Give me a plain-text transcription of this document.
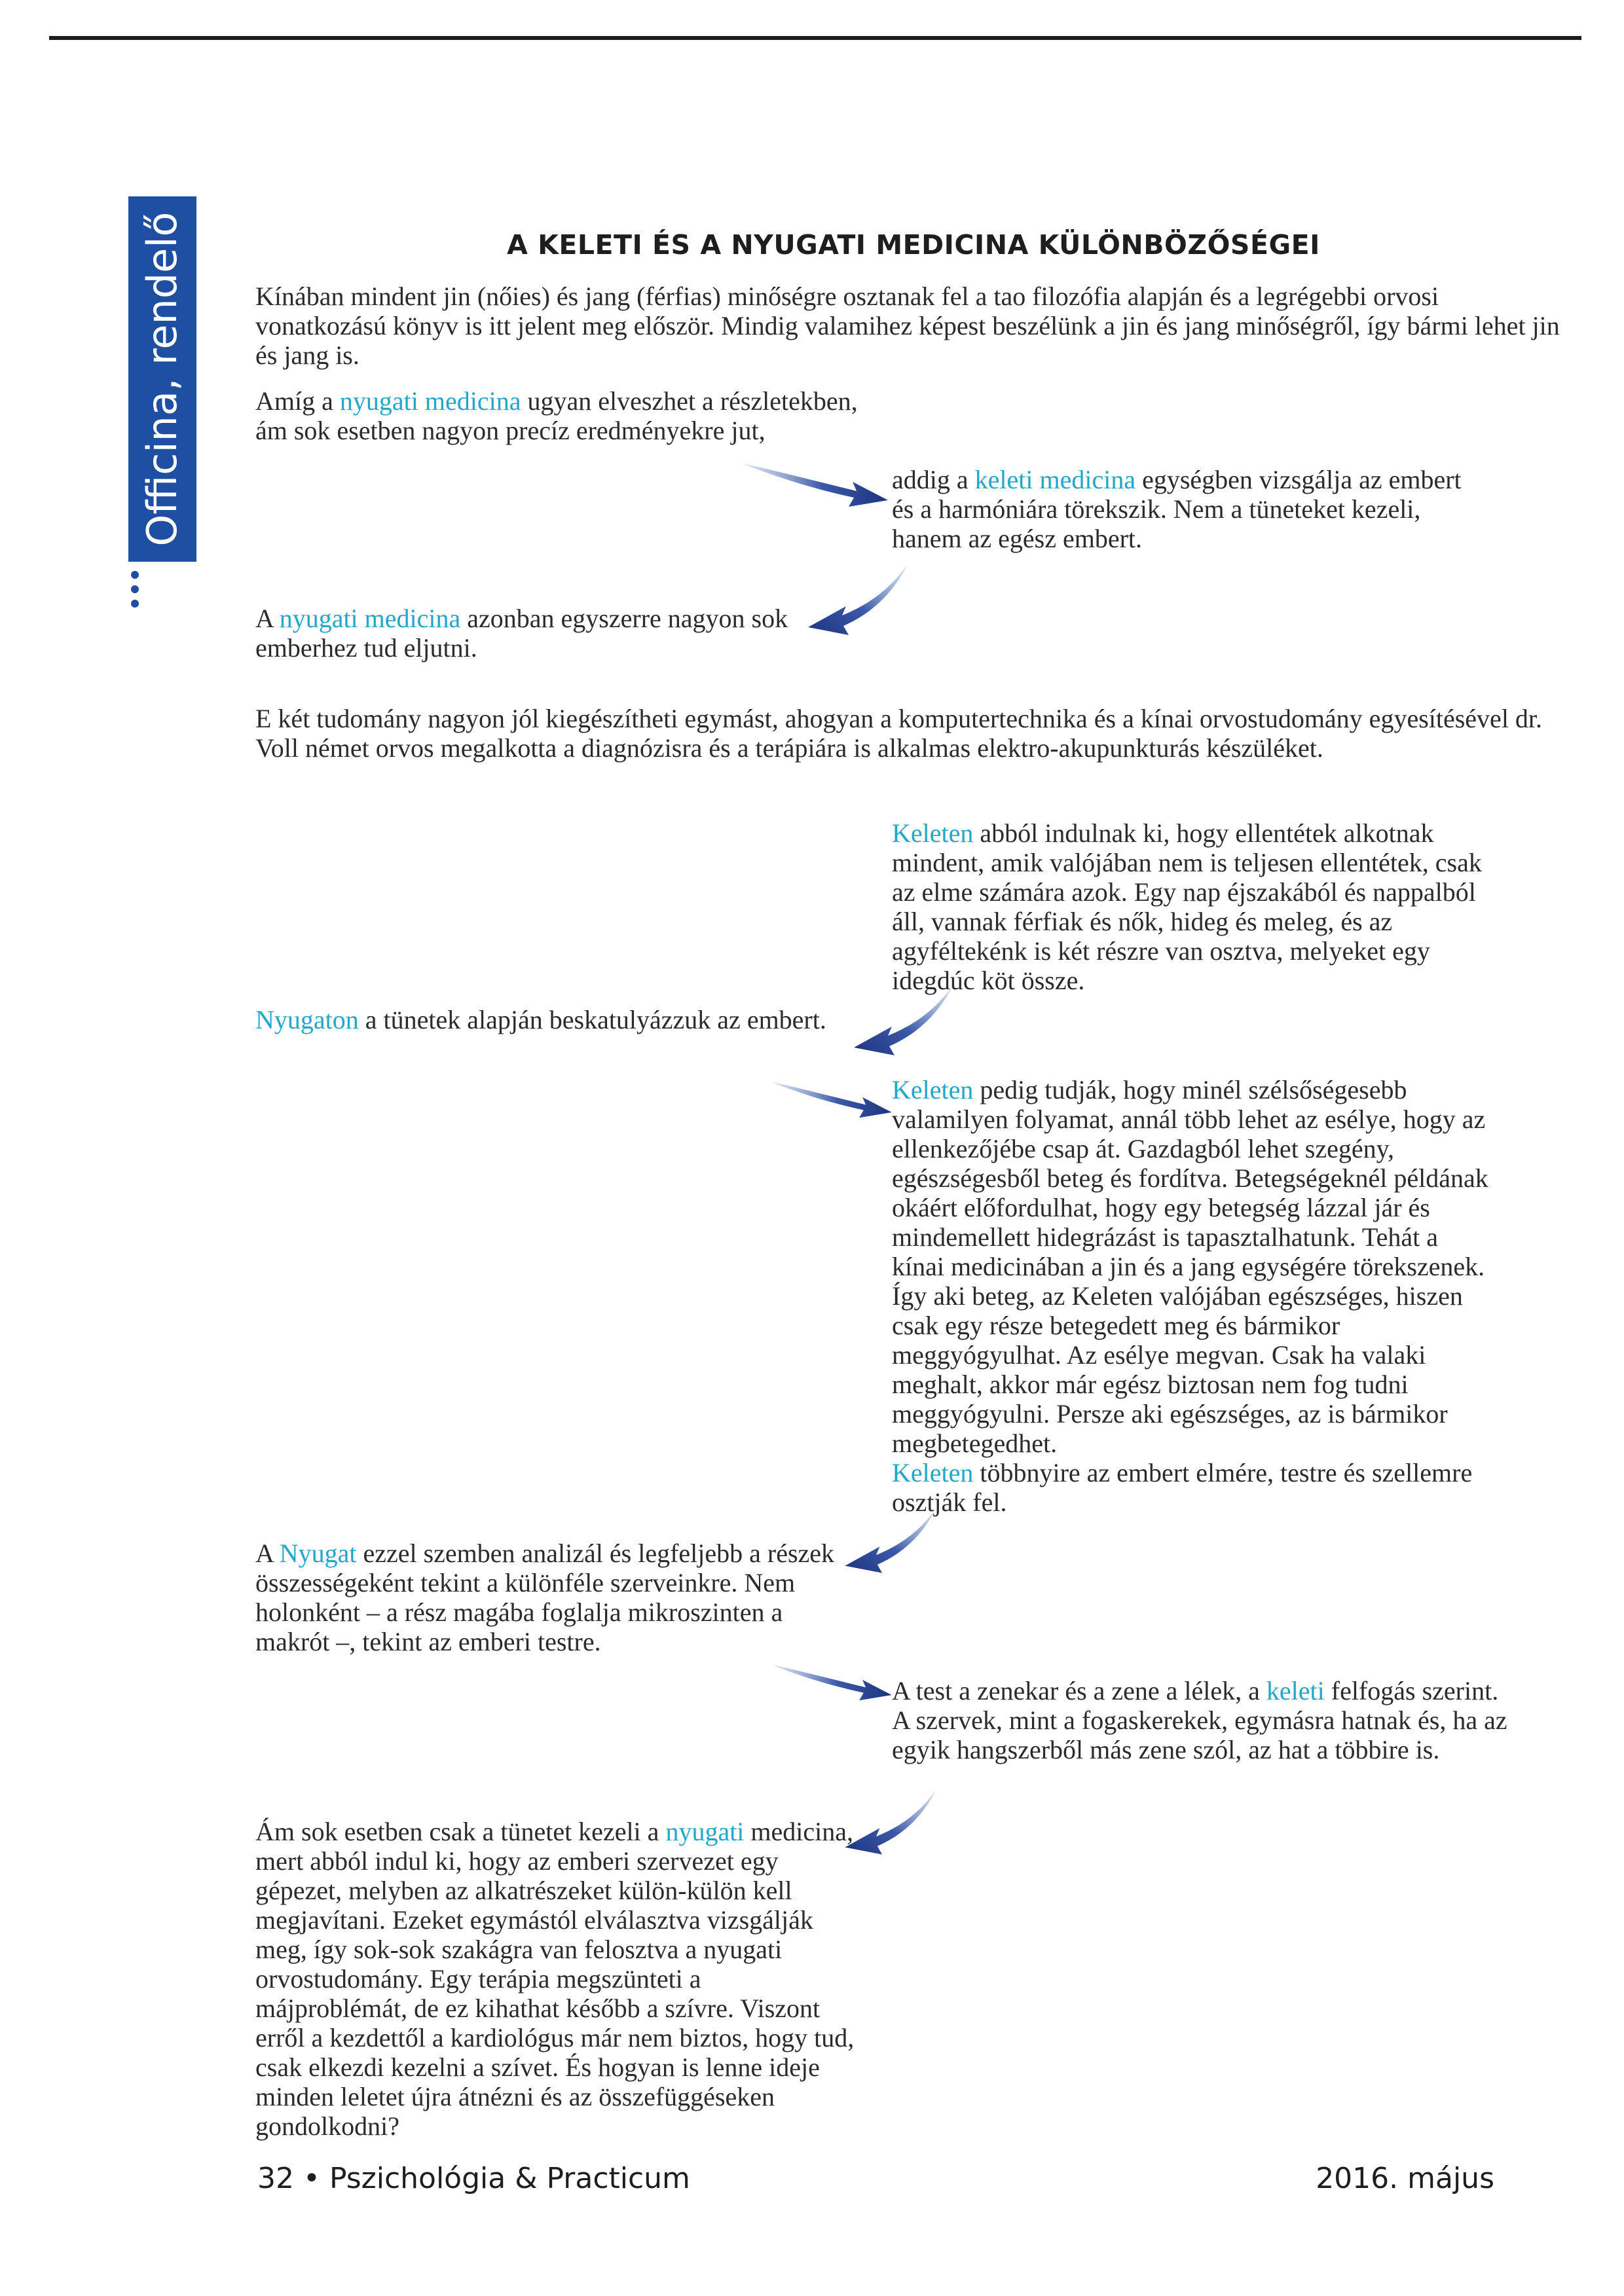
Officina, rendelő	A KELETI ÉS A NYUGATI MEDICINA KÜLÖNBÖZŐSÉGEI

Kínában mindent jin (nőies) és jang (férfias) minőségre osztanak fel a tao filozófia alapján és a legrégebbi orvosi vonatkozású könyv is itt jelent meg először. Mindig valamihez képest beszélünk a jin és jang minőségről, így bármi lehet jin és jang is.

Amíg a nyugati medicina ugyan elveszhet a részletekben, ám sok esetben nagyon precíz eredményekre jut,

addig a keleti medicina egységben vizsgálja az embert és a harmóniára törekszik. Nem a tüneteket kezeli, hanem az egész embert.

A nyugati medicina azonban egyszerre nagyon sok emberhez tud eljutni.

E két tudomány nagyon jól kiegészítheti egymást, ahogyan a komputertechnika és a kínai orvostudomány egyesítésével dr. Voll német orvos megalkotta a diagnózisra és a terápiára is alkalmas elektro-akupunkturás készüléket.

Keleten abból indulnak ki, hogy ellentétek alkotnak mindent, amik valójában nem is teljesen ellentétek, csak az elme számára azok. Egy nap éjszakából és nappalból áll, vannak férfiak és nők, hideg és meleg, és az agyféltekénk is két részre van osztva, melyeket egy idegdúc köt össze.

Nyugaton a tünetek alapján beskatulyázzuk az embert.

Keleten pedig tudják, hogy minél szélsőségesebb valamilyen folyamat, annál több lehet az esélye, hogy az ellenkezőjébe csap át. Gazdagból lehet szegény, egészségesből beteg és fordítva. Betegségeknél példának okáért előfordulhat, hogy egy betegség lázzal jár és mindemellett hidegrázást is tapasztalhatunk. Tehát a kínai medicinában a jin és a jang egységére törekszenek. Így aki beteg, az Keleten valójában egészséges, hiszen csak egy része betegedett meg és bármikor meggyógyulhat. Az esélye megvan. Csak ha valaki meghalt, akkor már egész biztosan nem fog tudni meggyógyulni. Persze aki egészséges, az is bármikor megbetegedhet.
Keleten többnyire az embert elmére, testre és szellemre osztják fel.

A Nyugat ezzel szemben analizál és legfeljebb a részek összességeként tekint a különféle szerveinkre. Nem holonként – a rész magába foglalja mikroszinten a makrót –, tekint az emberi testre.

A test a zenekar és a zene a lélek, a keleti felfogás szerint. A szervek, mint a fogaskerekek, egymásra hatnak és, ha az egyik hangszerből más zene szól, az hat a többire is.

Ám sok esetben csak a tünetet kezeli a nyugati medicina, mert abból indul ki, hogy az emberi szervezet egy gépezet, melyben az alkatrészeket külön-külön kell megjavítani. Ezeket egymástól elválasztva vizsgálják meg, így sok-sok szakágra van felosztva a nyugati orvostudomány. Egy terápia megszünteti a májproblémát, de ez kihathat később a szívre. Viszont erről a kezdettől a kardiológus már nem biztos, hogy tud, csak elkezdi kezelni a szívet. És hogyan is lenne ideje minden leletet újra átnézni és az összefüggéseken gondolkodni?

32 • Pszichológia & Practicum	2016. május
